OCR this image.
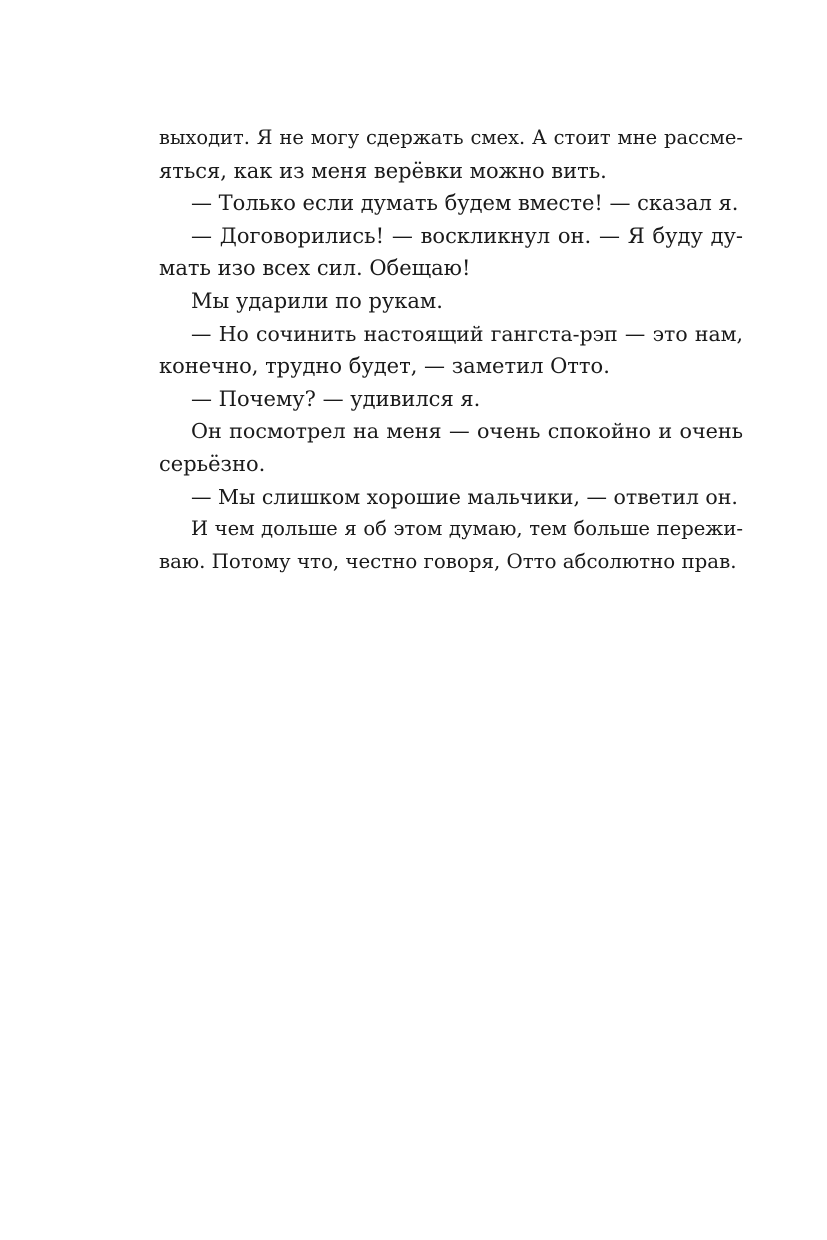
выходит. Я не могу сдержать смех. А стоит мне рассме-
яться, как из меня верёвки можно вить.
— Только если думать будем вместе! — сказал я.
— Договорились! — воскликнул он. — Я буду ду-
мать изо всех сил. Обещаю!
Мы ударили по рукам.
— Но сочинить настоящий гангста-рэп — это нам,
конечно, трудно будет, — заметил Отто.
— Почему? — удивился я.
Он посмотрел на меня — очень спокойно и очень
серьёзно.
— Мы слишком хорошие мальчики, — ответил он.
И чем дольше я об этом думаю, тем больше пережи-
ваю. Потому что, честно говоря, Отто абсолютно прав.
